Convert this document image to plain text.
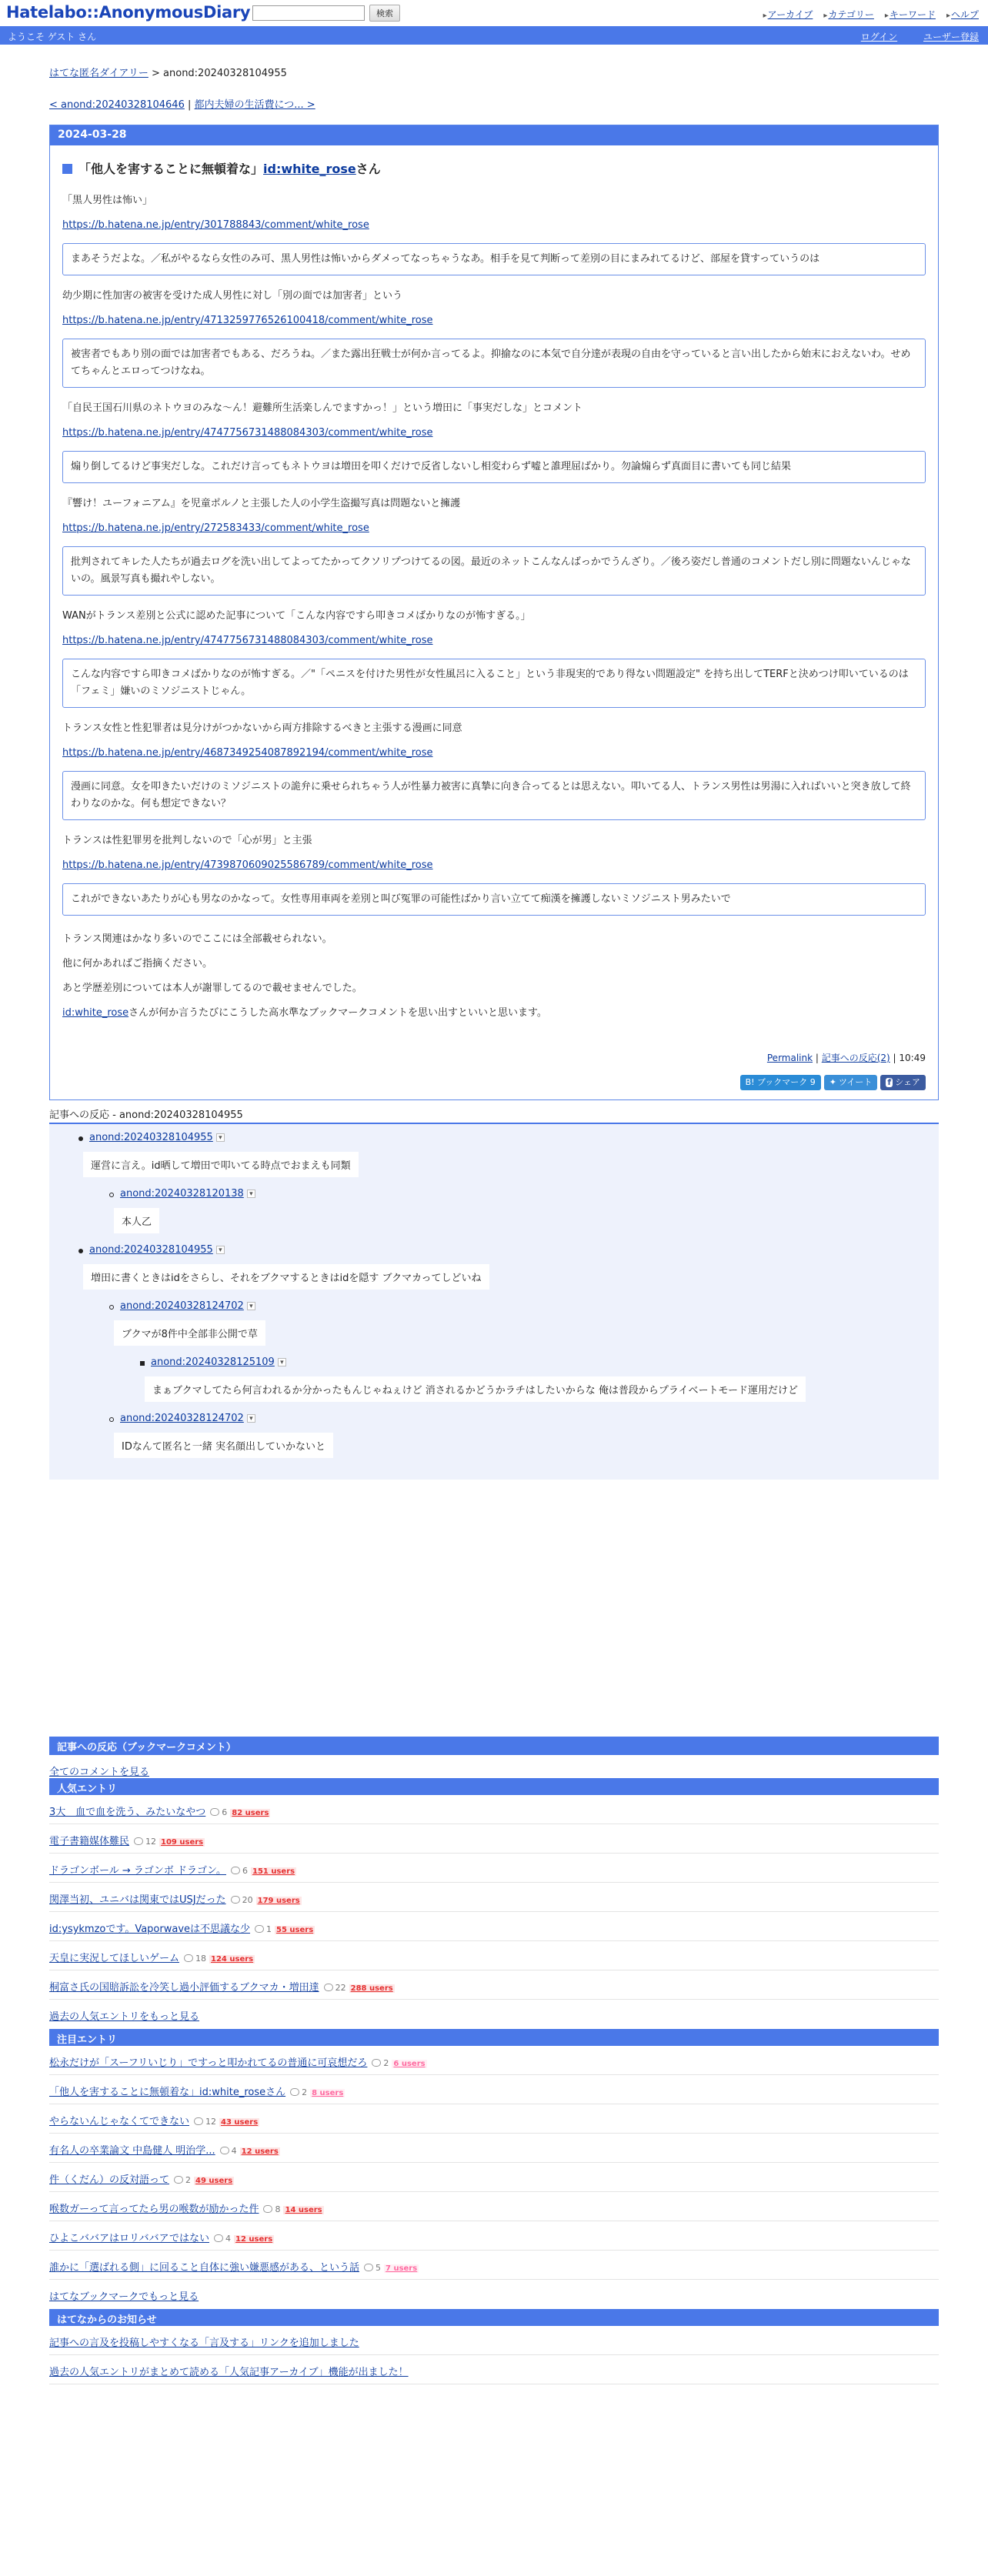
Hatelabo::AnonymousDiary	検索	▸ アーカイブ ▸ カテゴリー ▸ キーワード ▸ ヘルプ
ようこそ ゲスト さん	ログイン	ユーザー登録
はてな匿名ダイアリー > anond:20240328104955
< anond:20240328104646 | 都内夫婦の生活費につ... >
2024-03-28
「他人を害することに無頓着な」id:white_roseさん

「黒人男性は怖い」

https://b.hatena.ne.jp/entry/301788843/comment/white_rose

まあそうだよな。／私がやるなら女性のみ可、黒人男性は怖いからダメってなっちゃうなあ。相手を見て判断って差別の目にまみれてるけど、部屋を貸すっていうのは

幼少期に性加害の被害を受けた成人男性に対し「別の面では加害者」という

https://b.hatena.ne.jp/entry/4713259776526100418/comment/white_rose

被害者でもあり別の面では加害者でもある、だろうね。／また露出狂戦士が何か言ってるよ。抑揄なのに本気で自分達が表現の自由を守っていると言い出したから始末におえないわ。せめてちゃんとエロってつけなね。

「自民王国石川県のネトウヨのみな〜ん！避難所生活楽しんでますかっ！」という増田に「事実だしな」とコメント

https://b.hatena.ne.jp/entry/4747756731488084303/comment/white_rose

煽り倒してるけど事実だしな。これだけ言ってもネトウヨは増田を叩くだけで反省しないし相変わらず嘘と誰理屈ばかり。勿論煽らず真面目に書いても同じ結果

『響け！ユーフォニアム』を児童ポルノと主張した人の小学生盗撮写真は問題ないと擁護

https://b.hatena.ne.jp/entry/272583433/comment/white_rose

批判されてキレた人たちが過去ログを洗い出してよってたかってクソリプつけてるの図。最近のネットこんなんばっかでうんざり。／後ろ姿だし普通のコメントだし別に問題ないんじゃないの。風景写真も撮れやしない。

WANがトランス差別と公式に認めた記事について「こんな内容ですら叩きコメばかりなのが怖すぎる。」

https://b.hatena.ne.jp/entry/4747756731488084303/comment/white_rose

こんな内容ですら叩きコメばかりなのが怖すぎる。／"「ペニスを付けた男性が女性風呂に入ること」という非現実的であり得ない問題設定" を持ち出してTERFと決めつけ叩いているのは「フェミ」嫌いのミソジニストじゃん。

トランス女性と性犯罪者は見分けがつかないから両方排除するべきと主張する漫画に同意

https://b.hatena.ne.jp/entry/4687349254087892194/comment/white_rose

漫画に同意。女を叩きたいだけのミソジニストの詭弁に乗せられちゃう人が性暴力被害に真摯に向き合ってるとは思えない。叩いてる人、トランス男性は男湯に入ればいいと突き放して終わりなのかな。何も想定できない？

トランスは性犯罪男を批判しないので「心が男」と主張

https://b.hatena.ne.jp/entry/4739870609025586789/comment/white_rose

これができないあたりが心も男なのかなって。女性専用車両を差別と叫び冤罪の可能性ばかり言い立てて痴漢を擁護しないミソジニスト男みたいで

トランス関連はかなり多いのでここには全部載せられない。

他に何かあればご指摘ください。

あと学歴差別については本人が謝罪してるので載せませんでした。

id:white_roseさんが何か言うたびにこうした高水準なブックマークコメントを思い出すといいと思います。

Permalink | 記事への反応(2) | 10:49
B! ブックマーク 9 ✦ ツイート f シェア
記事への反応 - anond:20240328104955
anond:20240328104955 ▾
運営に言え。id晒して増田で叩いてる時点でおまえも同類
anond:20240328120138 ▾
本人乙
anond:20240328104955 ▾
増田に書くときはidをさらし、それをブクマするときはidを隠す ブクマカってしどいね
anond:20240328124702 ▾
ブクマが8件中全部非公開で草
anond:20240328125109 ▾
まぁブクマしてたら何言われるか分かったもんじゃねぇけど 消されるかどうかラチはしたいからな 俺は普段からプライベートモード運用だけど
anond:20240328124702 ▾
IDなんて匿名と一緒 実名顔出していかないと
記事への反応（ブックマークコメント）
全てのコメントを見る
人気エントリ
3大　血で血を洗う、みたいなやつ 6 82 users
電子書籍媒体難民 12 109 users
ドラゴンボール → ラゴンボ ドラゴン。 6 151 users
関澤当初、ユニバは関東ではUSJだった 20 179 users
id:ysykmzoです。Vaporwaveは不思議な少 1 55 users
天皇に実況してほしいゲーム 18 124 users
桐富さ氏の国賠訴訟を冷笑し過小評価するブクマカ・増田達 22 288 users
過去の人気エントリをもっと見る
注目エントリ
松永だけが「スーフリいじり」ですっと叩かれてるの普通に可哀想だろ 2 6 users
「他人を害することに無頓着な」id:white_roseさん 2 8 users
やらないんじゃなくてできない 12 43 users
有名人の卒業論文 中島健人 明治学... 4 12 users
件（くだん）の反対語って 2 49 users
喉数ガーって言ってたら男の喉数が励かった件 8 14 users
ひよこババアはロリババアではない 4 12 users
誰かに「選ばれる側」に回ること自体に強い嫌悪感がある、という話 5 7 users
はてなブックマークでもっと見る
はてなからのお知らせ
記事への言及を投稿しやすくなる「言及する」リンクを追加しました
過去の人気エントリがまとめて読める「人気記事アーカイブ」機能が出ました！
